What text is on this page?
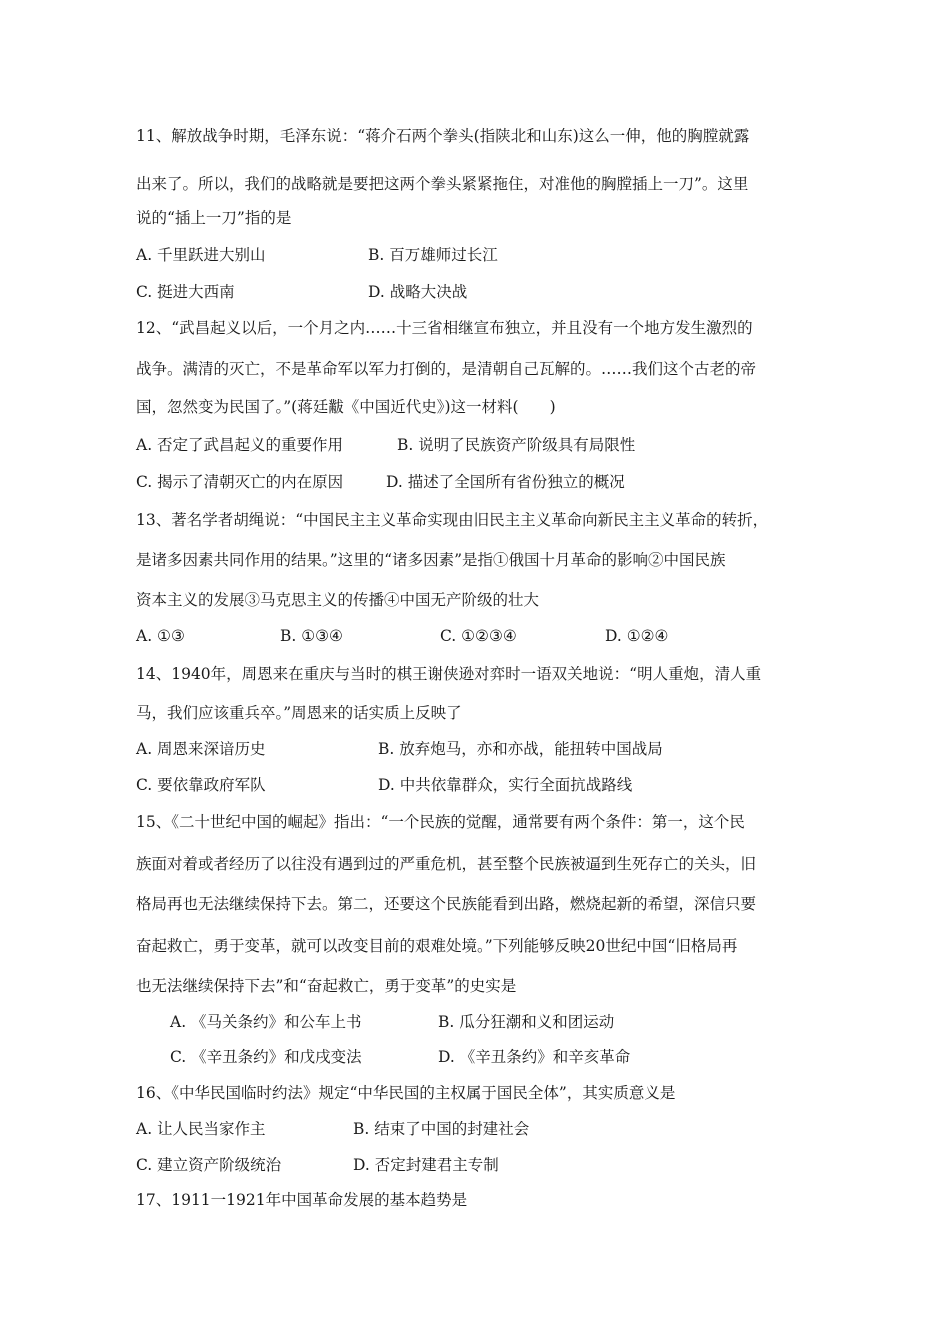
11、解放战争时期，毛泽东说：“蒋介石两个拳头(指陕北和山东)这么一伸，他的胸膛就露
出来了。所以，我们的战略就是要把这两个拳头紧紧拖住，对准他的胸膛插上一刀”。这里
说的“插上一刀”指的是
A. 千里跃进大别山	B. 百万雄师过长江
C. 挺进大西南	D. 战略大决战
12、“武昌起义以后，一个月之内……十三省相继宣布独立，并且没有一个地方发生激烈的
战争。满清的灭亡，不是革命军以军力打倒的，是清朝自己瓦解的。……我们这个古老的帝
国，忽然变为民国了。”(蒋廷黻《中国近代史》)这一材料(　　)
A. 否定了武昌起义的重要作用	B. 说明了民族资产阶级具有局限性
C. 揭示了清朝灭亡的内在原因	D. 描述了全国所有省份独立的概况
13、著名学者胡绳说：“中国民主主义革命实现由旧民主主义革命向新民主主义革命的转折，
是诸多因素共同作用的结果。”这里的“诸多因素”是指①俄国十月革命的影响②中国民族
资本主义的发展③马克思主义的传播④中国无产阶级的壮大
A. ①③	B. ①③④	C. ①②③④	D. ①②④
14、1940年，周恩来在重庆与当时的棋王谢侠逊对弈时一语双关地说：“明人重炮，清人重
马，我们应该重兵卒。”周恩来的话实质上反映了
A. 周恩来深谙历史	B. 放弃炮马，亦和亦战，能扭转中国战局
C. 要依靠政府军队	D. 中共依靠群众，实行全面抗战路线
15、《二十世纪中国的崛起》指出：“一个民族的觉醒，通常要有两个条件：第一，这个民
族面对着或者经历了以往没有遇到过的严重危机，甚至整个民族被逼到生死存亡的关头，旧
格局再也无法继续保持下去。第二，还要这个民族能看到出路，燃烧起新的希望，深信只要
奋起救亡，勇于变革，就可以改变目前的艰难处境。”下列能够反映20世纪中国“旧格局再
也无法继续保持下去”和“奋起救亡，勇于变革”的史实是
A. 《马关条约》和公车上书	B. 瓜分狂潮和义和团运动
C. 《辛丑条约》和戊戌变法	D. 《辛丑条约》和辛亥革命
16、《中华民国临时约法》规定“中华民国的主权属于国民全体”，其实质意义是
A. 让人民当家作主	B. 结束了中国的封建社会
C. 建立资产阶级统治	D. 否定封建君主专制
17、1911一1921年中国革命发展的基本趋势是
